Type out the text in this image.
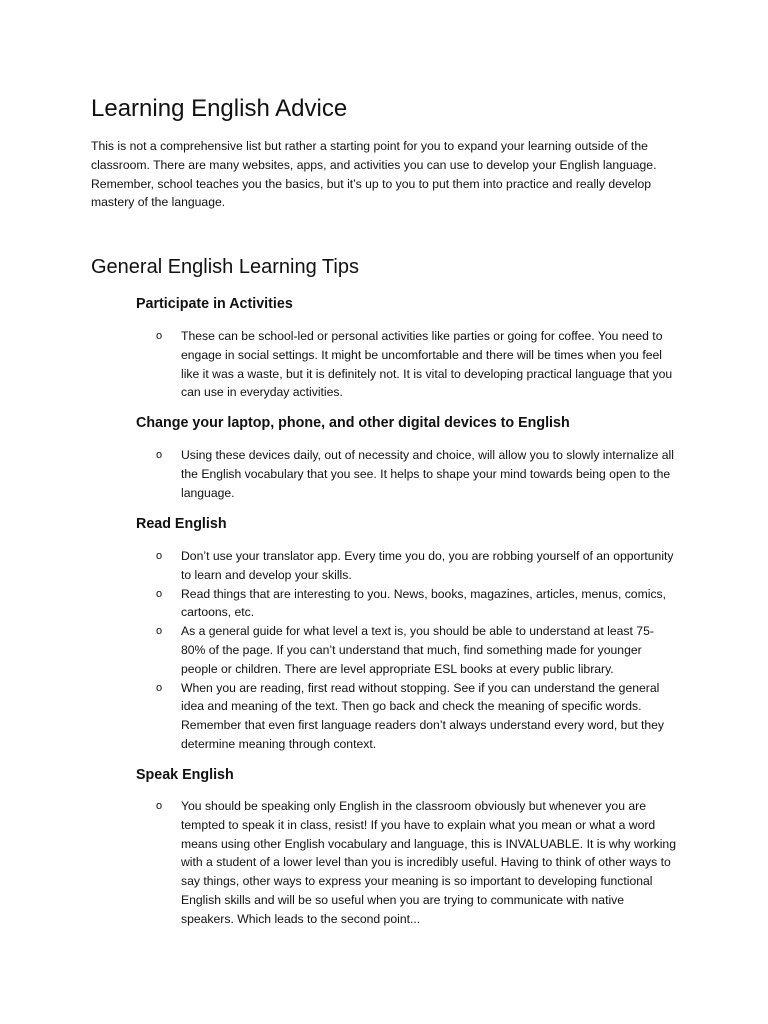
Learning English Advice

This is not a comprehensive list but rather a starting point for you to expand your learning outside of the classroom. There are many websites, apps, and activities you can use to develop your English language. Remember, school teaches you the basics, but it’s up to you to put them into practice and really develop mastery of the language.

General English Learning Tips
Participate in Activities
o These can be school-led or personal activities like parties or going for coffee. You need to engage in social settings. It might be uncomfortable and there will be times when you feel like it was a waste, but it is definitely not. It is vital to developing practical language that you can use in everyday activities.
Change your laptop, phone, and other digital devices to English
o Using these devices daily, out of necessity and choice, will allow you to slowly internalize all the English vocabulary that you see. It helps to shape your mind towards being open to the language.
Read English
o Don’t use your translator app. Every time you do, you are robbing yourself of an opportunity to learn and develop your skills.
o Read things that are interesting to you. News, books, magazines, articles, menus, comics, cartoons, etc.
o As a general guide for what level a text is, you should be able to understand at least 75-80% of the page. If you can’t understand that much, find something made for younger people or children. There are level appropriate ESL books at every public library.
o When you are reading, first read without stopping. See if you can understand the general idea and meaning of the text. Then go back and check the meaning of specific words. Remember that even first language readers don’t always understand every word, but they determine meaning through context.
Speak English
o You should be speaking only English in the classroom obviously but whenever you are tempted to speak it in class, resist! If you have to explain what you mean or what a word means using other English vocabulary and language, this is INVALUABLE. It is why working with a student of a lower level than you is incredibly useful. Having to think of other ways to say things, other ways to express your meaning is so important to developing functional English skills and will be so useful when you are trying to communicate with native speakers. Which leads to the second point...
